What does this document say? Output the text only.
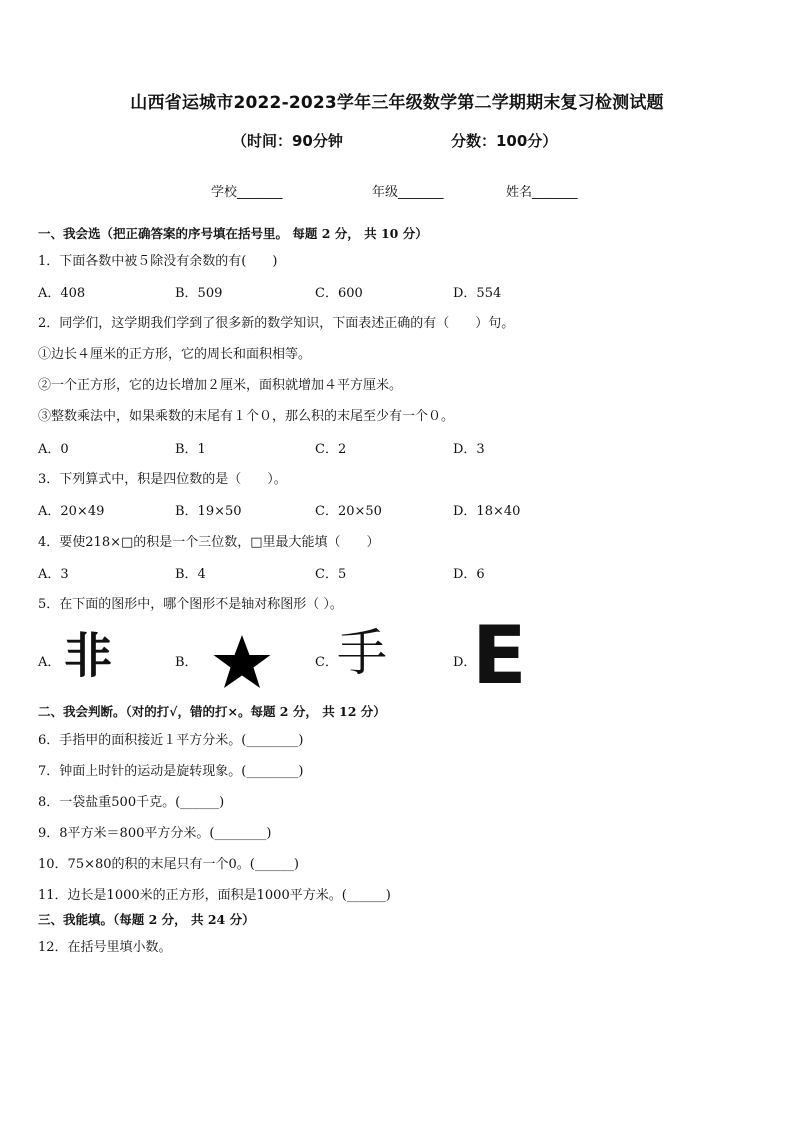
山西省运城市2022-2023学年三年级数学第二学期期末复习检测试题
（时间：90分钟	分数：100分）
学校_______	年级_______	姓名_______
一、我会选（把正确答案的序号填在括号里。 每题 2 分， 共 10 分）
1．下面各数中被５除没有余数的有(　　)
A．408	B．509	C．600	D．554
2．同学们，这学期我们学到了很多新的数学知识，下面表述正确的有（　　）句。
①边长４厘米的正方形，它的周长和面积相等。
②一个正方形，它的边长增加２厘米，面积就增加４平方厘米。
③整数乘法中，如果乘数的末尾有１个０，那么积的末尾至少有一个０。
A．0	B．1	C．2	D．3
3．下列算式中，积是四位数的是（　　）。
A．20×49	B．19×50	C．20×50	D．18×40
4．要使218×□的积是一个三位数，□里最大能填（　　）
A．3	B．4	C．5	D．6
5．在下面的图形中，哪个图形不是轴对称图形（ ）。
A．	B．	C．	D．
非	手 E
二、我会判断。（对的打√，错的打×。每题 2 分， 共 12 分）
6．手指甲的面积接近１平方分米。(________)
7．钟面上时针的运动是旋转现象。(________)
8．一袋盐重500千克。(______)
9．8平方米＝800平方分米。(________)
10．75×80的积的末尾只有一个0。(______)
11．边长是1000米的正方形，面积是1000平方米。(______)
三、我能填。（每题 2 分， 共 24 分）
12．在括号里填小数。
